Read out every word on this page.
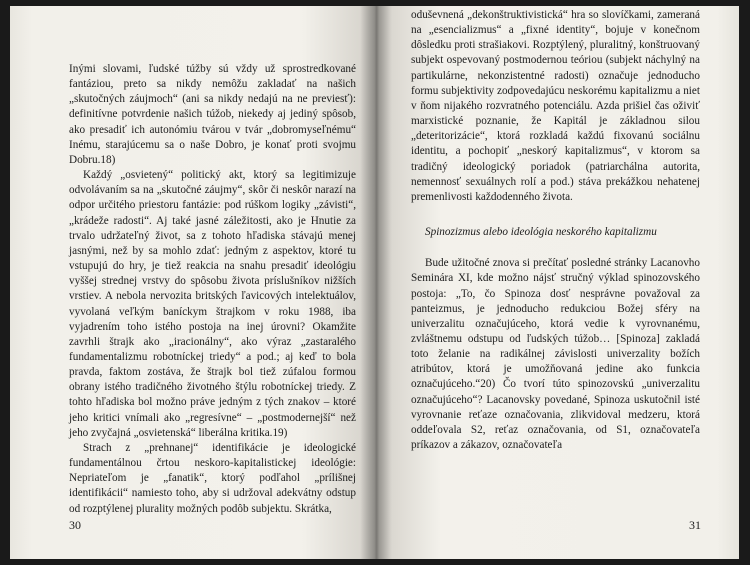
Inými slovami, ľudské túžby sú vždy už sprostredkované fantáziou, preto sa nikdy nemôžu zakladať na našich „skutočných záujmoch“ (ani sa nikdy nedajú na ne previesť): definitívne potvrdenie našich túžob, niekedy aj jediný spôsob, ako presadiť ich autonómiu tvárou v tvár „dobromyseľnému“ Inému, starajúcemu sa o naše Dobro, je konať proti svojmu Dobru.18)

Každý „osvietený“ politický akt, ktorý sa legitimizuje odvolávaním sa na „skutočné záujmy“, skôr či neskôr narazí na odpor určitého priestoru fantázie: pod rúškom logiky „závisti“, „krádeže radosti“. Aj také jasné záležitosti, ako je Hnutie za trvalo udržateľný život, sa z tohoto hľadiska stávajú menej jasnými, než by sa mohlo zdať: jedným z aspektov, ktoré tu vstupujú do hry, je tiež reakcia na snahu presadiť ideológiu vyššej strednej vrstvy do spôsobu života príslušníkov nižších vrstiev. A nebola nervozita britských ľavicových intelektuálov, vyvolaná veľkým baníckym štrajkom v roku 1988, iba vyjadrením toho istého postoja na inej úrovni? Okamžite zavrhli štrajk ako „iracionálny“, ako výraz „zastaralého fundamentalizmu robotníckej triedy“ a pod.; aj keď to bola pravda, faktom zostáva, že štrajk bol tiež zúfalou formou obrany istého tradičného životného štýlu robotníckej triedy. Z tohto hľadiska bol možno práve jedným z tých znakov – ktoré jeho kritici vnímali ako „regresívne“ – „postmodernejší“ než jeho zvyčajná „osvietenská“ liberálna kritika.19)

Strach z „prehnanej“ identifikácie je ideologické fundamentálnou črtou neskoro-kapitalistickej ideológie: Nepriateľom je „fanatik“, ktorý podľahol „prílišnej identifikácii“ namiesto toho, aby si udržoval adekvátny odstup od rozptýlenej plurality možných podôb subjektu. Skrátka,

30

oduševnená „dekonštruktivistická“ hra so slovíčkami, zameraná na „esencializmus“ a „fixné identity“, bojuje v konečnom dôsledku proti strašiakovi. Rozptýlený, pluralitný, konštruovaný subjekt ospevovaný postmodernou teóriou (subjekt náchylný na partikulárne, nekonzistentné radosti) označuje jednoducho formu subjektivity zodpovedajúcu neskorému kapitalizmu a niet v ňom nijakého rozvratného potenciálu. Azda prišiel čas oživiť marxistické poznanie, že Kapitál je základnou silou „deteritorizácie“, ktorá rozkladá každú fixovanú sociálnu identitu, a pochopiť „neskorý kapitalizmus“, v ktorom sa tradičný ideologický poriadok (patriarchálna autorita, nemennosť sexuálnych rolí a pod.) stáva prekážkou nehatenej premenlivosti každodenného života.

Spinozizmus alebo ideológia neskorého kapitalizmu

Bude užitočné znova si prečítať posledné stránky Lacanovho Seminára XI, kde možno nájsť stručný výklad spinozovského postoja: „To, čo Spinoza dosť nesprávne považoval za panteizmus, je jednoducho redukciou Božej sféry na univerzalitu označujúceho, ktorá vedie k vyrovnanému, zvláštnemu odstupu od ľudských túžob… [Spinoza] zakladá toto želanie na radikálnej závislosti univerzality božích atribútov, ktorá je umožňovaná jedine ako funkcia označujúceho.“20) Čo tvorí túto spinozovskú „univerzalitu označujúceho“? Lacanovsky povedané, Spinoza uskutočnil isté vyrovnanie reťaze označovania, zlikvidoval medzeru, ktorá oddeľovala S2, reťaz označovania, od S1, označovateľa príkazov a zákazov, označovateľa

31
